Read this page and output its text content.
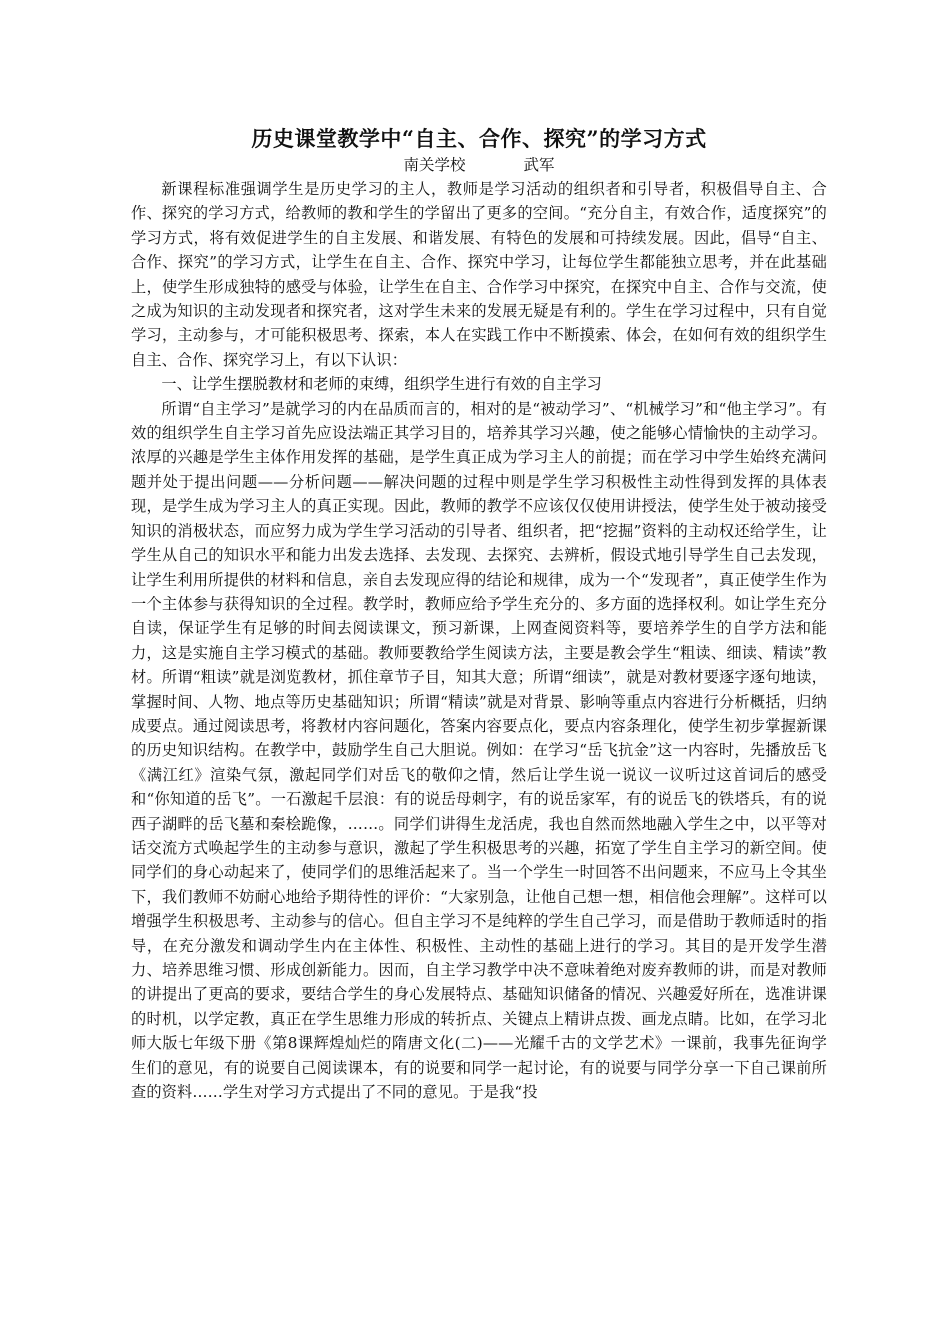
历史课堂教学中“自主、合作、探究”的学习方式
南关学校	武军

新课程标准强调学生是历史学习的主人，教师是学习活动的组织者和引导者，积极倡导自主、合作、探究的学习方式，给教师的教和学生的学留出了更多的空间。“充分自主，有效合作，适度探究”的学习方式，将有效促进学生的自主发展、和谐发展、有特色的发展和可持续发展。因此，倡导“自主、合作、探究”的学习方式，让学生在自主、合作、探究中学习，让每位学生都能独立思考，并在此基础上，使学生形成独特的感受与体验，让学生在自主、合作学习中探究，在探究中自主、合作与交流，使之成为知识的主动发现者和探究者，这对学生未来的发展无疑是有利的。学生在学习过程中，只有自觉学习，主动参与，才可能积极思考、探索，本人在实践工作中不断摸索、体会，在如何有效的组织学生自主、合作、探究学习上，有以下认识：

一、让学生摆脱教材和老师的束缚，组织学生进行有效的自主学习

所谓“自主学习”是就学习的内在品质而言的，相对的是“被动学习”、“机械学习”和“他主学习”。有效的组织学生自主学习首先应设法端正其学习目的，培养其学习兴趣，使之能够心情愉快的主动学习。浓厚的兴趣是学生主体作用发挥的基础，是学生真正成为学习主人的前提；而在学习中学生始终充满问题并处于提出问题——分析问题——解决问题的过程中则是学生学习积极性主动性得到发挥的具体表现，是学生成为学习主人的真正实现。因此，教师的教学不应该仅仅使用讲授法，使学生处于被动接受知识的消极状态，而应努力成为学生学习活动的引导者、组织者，把“挖掘”资料的主动权还给学生，让学生从自己的知识水平和能力出发去选择、去发现、去探究、去辨析，假设式地引导学生自己去发现，让学生利用所提供的材料和信息，亲自去发现应得的结论和规律，成为一个“发现者”，真正使学生作为一个主体参与获得知识的全过程。教学时，教师应给予学生充分的、多方面的选择权利。如让学生充分自读，保证学生有足够的时间去阅读课文，预习新课，上网查阅资料等，要培养学生的自学方法和能力，这是实施自主学习模式的基础。教师要教给学生阅读方法，主要是教会学生“粗读、细读、精读”教材。所谓“粗读”就是浏览教材，抓住章节子目，知其大意；所谓“细读”，就是对教材要逐字逐句地读，掌握时间、人物、地点等历史基础知识；所谓“精读”就是对背景、影响等重点内容进行分析概括，归纳成要点。通过阅读思考，将教材内容问题化，答案内容要点化，要点内容条理化，使学生初步掌握新课的历史知识结构。在教学中，鼓励学生自己大胆说。例如：在学习“岳飞抗金”这一内容时，先播放岳飞《满江红》渲染气氛，激起同学们对岳飞的敬仰之情，然后让学生说一说议一议听过这首词后的感受和“你知道的岳飞”。一石激起千层浪：有的说岳母刺字，有的说岳家军，有的说岳飞的铁塔兵，有的说西子湖畔的岳飞墓和秦桧跪像，……。同学们讲得生龙活虎，我也自然而然地融入学生之中，以平等对话交流方式唤起学生的主动参与意识，激起了学生积极思考的兴趣，拓宽了学生自主学习的新空间。使同学们的身心动起来了，使同学们的思维活起来了。当一个学生一时回答不出问题来，不应马上令其坐下，我们教师不妨耐心地给予期待性的评价：“大家别急，让他自己想一想，相信他会理解”。这样可以增强学生积极思考、主动参与的信心。但自主学习不是纯粹的学生自己学习，而是借助于教师适时的指导，在充分激发和调动学生内在主体性、积极性、主动性的基础上进行的学习。其目的是开发学生潜力、培养思维习惯、形成创新能力。因而，自主学习教学中决不意味着绝对废弃教师的讲，而是对教师的讲提出了更高的要求，要结合学生的身心发展特点、基础知识储备的情况、兴趣爱好所在，选准讲课的时机，以学定教，真正在学生思维力形成的转折点、关键点上精讲点拨、画龙点睛。比如，在学习北师大版七年级下册《第8课辉煌灿烂的隋唐文化(二)——光耀千古的文学艺术》一课前，我事先征询学生们的意见，有的说要自己阅读课本，有的说要和同学一起讨论，有的说要与同学分享一下自己课前所查的资料……学生对学习方式提出了不同的意见。于是我“投
